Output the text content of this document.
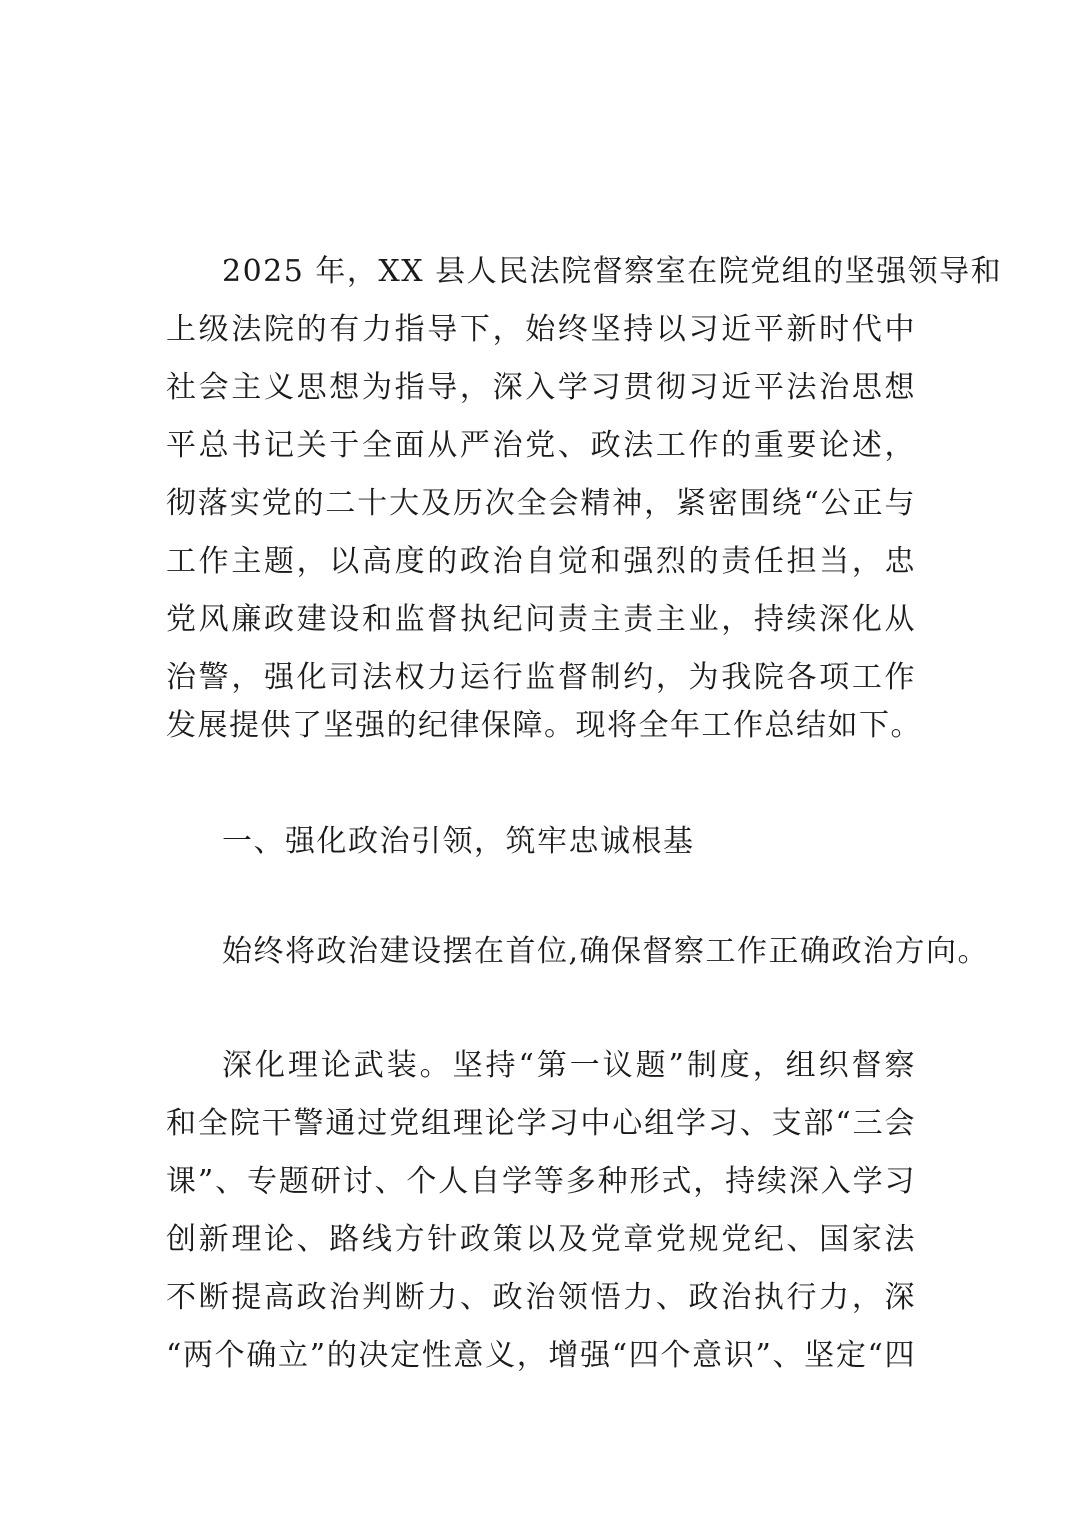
2025 年，XX 县人民法院督察室在院党组的坚强领导和
上级法院的有力指导下，始终坚持以习近平新时代中
社会主义思想为指导，深入学习贯彻习近平法治思想
平总书记关于全面从严治党、政法工作的重要论述，
彻落实党的二十大及历次全会精神，紧密围绕“公正与
工作主题，以高度的政治自觉和强烈的责任担当，忠
党风廉政建设和监督执纪问责主责主业，持续深化从
治警，强化司法权力运行监督制约，为我院各项工作
发展提供了坚强的纪律保障。现将全年工作总结如下。
一、强化政治引领，筑牢忠诚根基
始终将政治建设摆在首位,确保督察工作正确政治方向。
深化理论武装。坚持“第一议题”制度，组织督察
和全院干警通过党组理论学习中心组学习、支部“三会
课”、专题研讨、个人自学等多种形式，持续深入学习
创新理论、路线方针政策以及党章党规党纪、国家法
不断提高政治判断力、政治领悟力、政治执行力，深
“两个确立”的决定性意义，增强“四个意识”、坚定“四
